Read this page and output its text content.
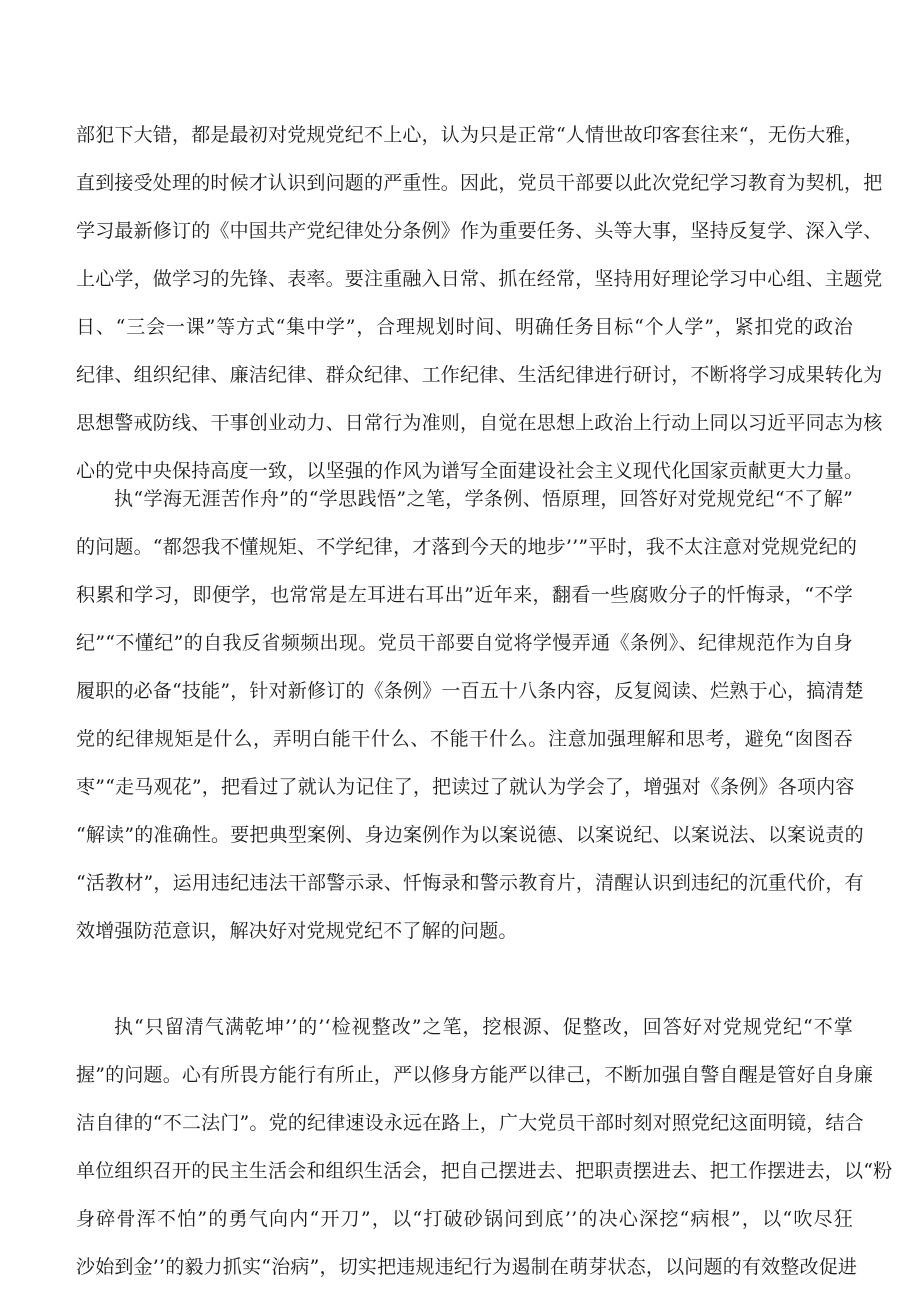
部犯下大错，都是最初对党规党纪不上心，认为只是正常“人情世故印客套往来“，无伤大雅，
直到接受处理的时候才认识到问题的严重性。因此，党员干部要以此次党纪学习教育为契机，把
学习最新修订的《中国共产党纪律处分条例》作为重要任务、头等大事，坚持反复学、深入学、
上心学，做学习的先锋、表率。要注重融入日常、抓在经常，坚持用好理论学习中心组、主题党
日、“三会一课”等方式“集中学”，合理规划时间、明确任务目标“个人学”，紧扣党的政治
纪律、组织纪律、廉洁纪律、群众纪律、工作纪律、生活纪律进行研讨，不断将学习成果转化为
思想警戒防线、干事创业动力、日常行为准则，自觉在思想上政治上行动上同以习近平同志为核
心的党中央保持高度一致，以坚强的作风为谱写全面建设社会主义现代化国家贡献更大力量。
执“学海无涯苦作舟”的“学思践悟”之笔，学条例、悟原理，回答好对党规党纪“不了解”
的问题。“都怨我不懂规矩、不学纪律，才落到今天的地步’’”平时，我不太注意对党规党纪的
积累和学习，即便学，也常常是左耳进右耳出”近年来，翻看一些腐败分子的忏悔录，“不学
纪”“不懂纪”的自我反省频频出现。党员干部要自觉将学慢弄通《条例》、纪律规范作为自身
履职的必备“技能”，针对新修订的《条例》一百五十八条内容，反复阅读、烂熟于心，搞清楚
党的纪律规矩是什么，弄明白能干什么、不能干什么。注意加强理解和思考，避免“囱图吞
枣”“走马观花”，把看过了就认为记住了，把读过了就认为学会了，增强对《条例》各项内容
“解读”的准确性。要把典型案例、身边案例作为以案说德、以案说纪、以案说法、以案说责的
“活教材”，运用违纪违法干部警示录、忏悔录和警示教育片，清醒认识到违纪的沉重代价，有
效增强防范意识，解决好对党规党纪不了解的问题。
执“只留清气满乾坤’’的’‘检视整改”之笔，挖根源、促整改，回答好对党规党纪“不掌
握”的问题。心有所畏方能行有所止，严以修身方能严以律己，不断加强自警自醒是管好自身廉
洁自律的“不二法门”。党的纪律速设永远在路上，广大党员干部时刻对照党纪这面明镜，结合
单位组织召开的民主生活会和组织生活会，把自己摆进去、把职责摆进去、把工作摆进去，以“粉
身碎骨浑不怕”的勇气向内“开刀”，以“打破砂锅问到底’’的决心深挖“病根”，以“吹尽狂
沙始到金’’的毅力抓实“治病”，切实把违规违纪行为遏制在萌芽状态，以问题的有效整改促进
